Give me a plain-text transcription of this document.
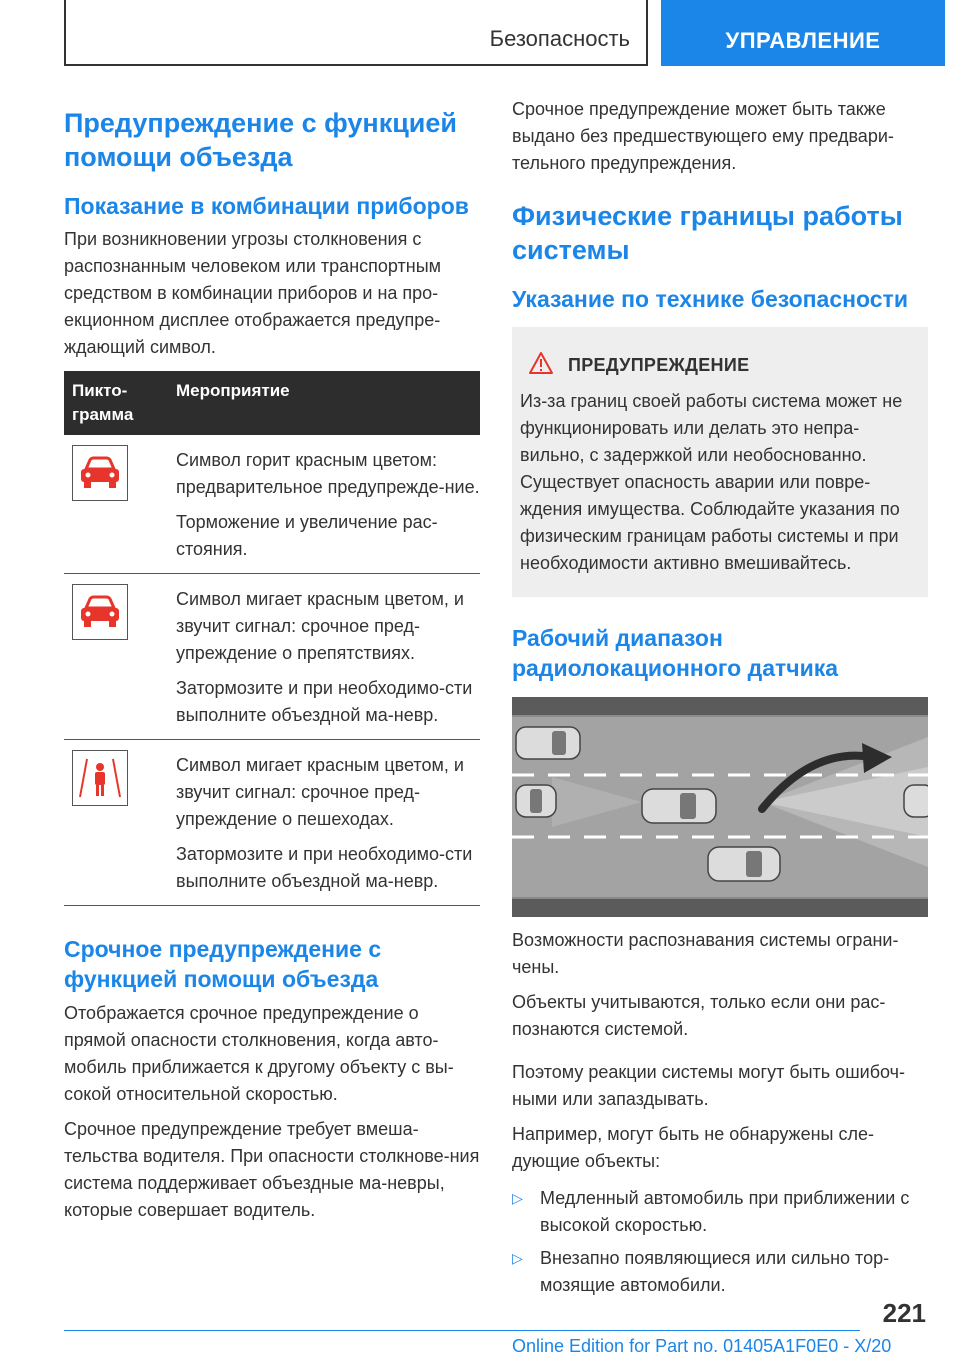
Безопасность	УПРАВЛЕНИЕ
Предупреждение с функцией помощи объезда
Показание в комбинации приборов

При возникновении угрозы столкновения с распознанным человеком или транспортным средством в комбинации приборов и на про-екционном дисплее отображается предупре-ждающий символ.

Пикто-грамма
Мероприятие

Символ горит красным цветом: предварительное предупрежде-ние.

Торможение и увеличение рас-стояния.

Символ мигает красным цветом, и звучит сигнал: срочное пред-упреждение о препятствиях.

Затормозите и при необходимо-сти выполните объездной ма-невр.

Символ мигает красным цветом, и звучит сигнал: срочное пред-упреждение о пешеходах.

Затормозите и при необходимо-сти выполните объездной ма-невр.

Срочное предупреждение с функцией помощи объезда

Отображается срочное предупреждение о прямой опасности столкновения, когда авто-мобиль приближается к другому объекту с вы-сокой относительной скоростью.

Срочное предупреждение требует вмеша-тельства водителя. При опасности столкнове-ния система поддерживает объездные ма-невры, которые совершает водитель.

Срочное предупреждение может быть также выдано без предшествующего ему предвари-тельного предупреждения.

Физические границы работы системы
Указание по технике безопасности
ПРЕДУПРЕЖДЕНИЕ

Из-за границ своей работы система может не функционировать или делать это непра-вильно, с задержкой или необоснованно. Существует опасность аварии или повре-ждения имущества. Соблюдайте указания по физическим границам работы системы и при необходимости активно вмешивайтесь.

Рабочий диапазон радиолокационного датчика

Возможности распознавания системы ограни-чены.

Объекты учитываются, только если они рас-познаются системой.

Поэтому реакции системы могут быть ошибоч-ными или запаздывать.

Например, могут быть не обнаружены сле-дующие объекты:

▷ Медленный автомобиль при приближении с высокой скоростью.

▷ Внезапно появляющиеся или сильно тор-мозящие автомобили.

221
Online Edition for Part no. 01405A1F0E0 - X/20
